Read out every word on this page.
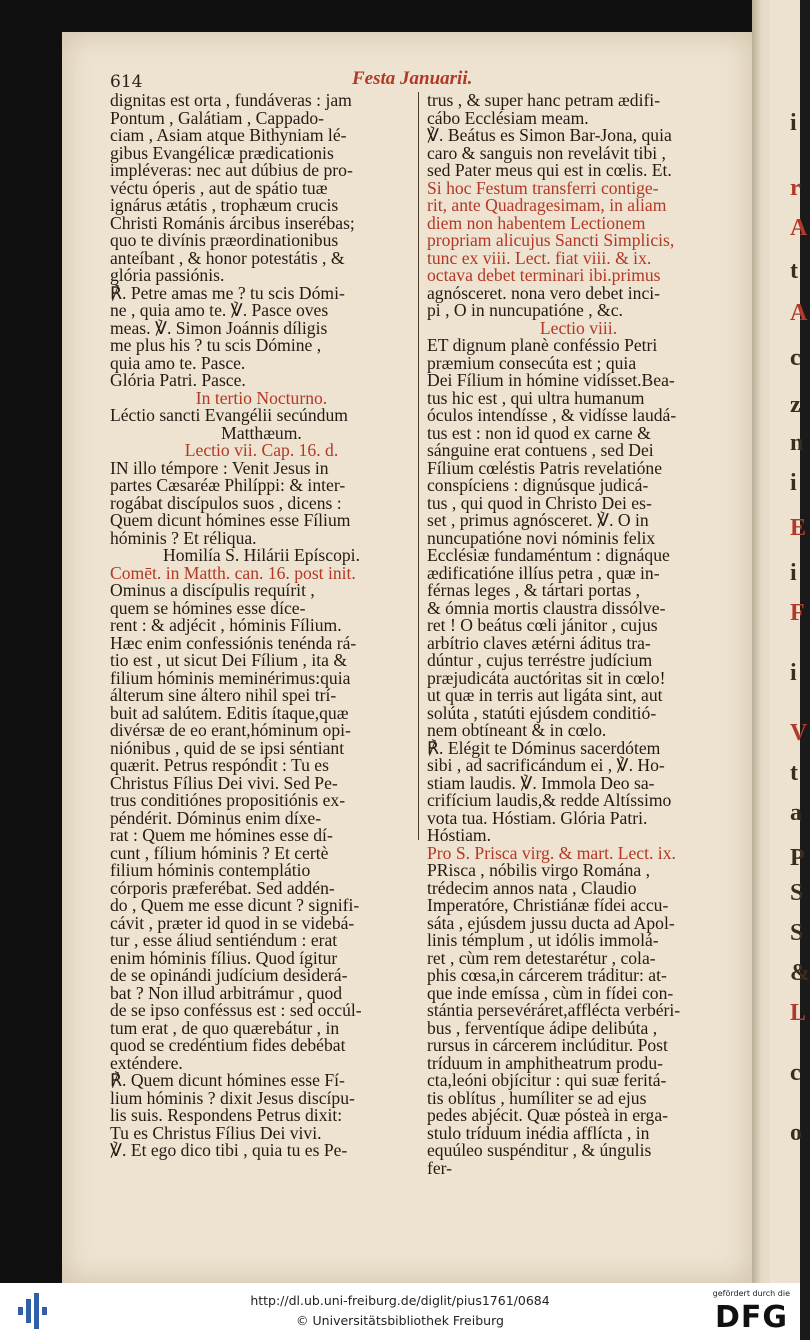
614	Festa Januarii.
dignitas est orta , fundáveras : jam
Pontum , Galátiam , Cappado-
ciam , Asiam atque Bithyniam lé-
gibus Evangélicæ prædicationis
impléveras: nec aut dúbius de pro-
véctu óperis , aut de spátio tuæ
ignárus ætátis , trophæum crucis
Christi Románis árcibus inserébas;
quo te divínis præordinationibus
anteíbant , & honor potestátis , &
glória passiónis.
℟. Petre amas me ? tu scis Dómi-
ne , quia amo te. ℣. Pasce oves
meas. ℣. Simon Joánnis díligis
me plus his ? tu scis Dómine ,
quia amo te. Pasce.
Glória Patri. Pasce.
In tertio Nocturno.
Léctio sancti Evangélii secúndum
Matthæum.
Lectio vii. Cap. 16. d.
IN illo témpore : Venit Jesus in
partes Cæsaréæ Philíppi: & inter-
rogábat discípulos suos , dicens :
Quem dicunt hómines esse Fílium
hóminis ? Et réliqua.
Homilía S. Hilárii Epíscopi.
Comēt. in Matth. can. 16. post init.
Ominus a discípulis requírit ,
quem se hómines esse díce-
rent : & adjécit , hóminis Fílium.
Hæc enim confessiónis tenénda rá-
tio est , ut sicut Dei Fílium , ita &
filium hóminis meminérimus:quia
álterum sine áltero nihil spei trí-
buit ad salútem. Editis ítaque,quæ
divérsæ de eo erant,hóminum opi-
niónibus , quid de se ipsi séntiant
quærit. Petrus respóndit : Tu es
Christus Fílius Dei vivi. Sed Pe-
trus conditiónes propositiónis ex-
péndérit. Dóminus enim díxe-
rat : Quem me hómines esse dí-
cunt , fílium hóminis ? Et certè
filium hóminis contemplátio
córporis præferébat. Sed addén-
do , Quem me esse dicunt ? signifi-
cávit , præter id quod in se videbá-
tur , esse áliud sentiéndum : erat
enim hóminis fílius. Quod ígitur
de se opinándi judícium desiderá-
bat ? Non illud arbitrámur , quod
de se ipso conféssus est : sed occúl-
tum erat , de quo quærebátur , in
quod se credéntium fides debébat
exténdere.
℟. Quem dicunt hómines esse Fí-
lium hóminis ? dixit Jesus discípu-
lis suis. Respondens Petrus dixit:
Tu es Christus Fílius Dei vivi.
℣. Et ego dico tibi , quia tu es Pe-
trus , & super hanc petram ædifi-
cábo Ecclésiam meam.
℣. Beátus es Simon Bar-Jona, quia
caro & sanguis non revelávit tibi ,
sed Pater meus qui est in cœlis. Et.
Si hoc Festum transferri contige-
rit, ante Quadragesimam, in aliam
diem non habentem Lectionem
propriam alicujus Sancti Simplicis,
tunc ex viii. Lect. fiat viii. & ix.
octava debet terminari ibi.primus
agnósceret. nona vero debet inci-
pi , O in nuncupatióne , &c.
Lectio viii.
ET dignum planè conféssio Petri
præmium consecúta est ; quia
Dei Fílium in hómine vidísset.Bea-
tus hic est , qui ultra humanum
óculos intendísse , & vidísse laudá-
tus est : non id quod ex carne &
sánguine erat contuens , sed Dei
Fílium cœléstis Patris revelatióne
conspíciens : dignúsque judicá-
tus , qui quod in Christo Dei es-
set , primus agnósceret. ℣. O in
nuncupatióne novi nóminis felix
Ecclésiæ fundaméntum : dignáque
ædificatióne illíus petra , quæ in-
férnas leges , & tártari portas ,
& ómnia mortis claustra dissólve-
ret ! O beátus cœli jánitor , cujus
arbítrio claves ætérni áditus tra-
dúntur , cujus terréstre judícium
præjudicáta auctóritas sit in cœlo!
ut quæ in terris aut ligáta sint, aut
solúta , statúti ejúsdem conditió-
nem obtíneant & in cœlo.
℟. Elégit te Dóminus sacerdótem
sibi , ad sacrificándum ei , ℣. Ho-
stiam laudis. ℣. Immola Deo sa-
crifícium laudis,& redde Altíssimo
vota tua. Hóstiam. Glória Patri.
Hóstiam.
Pro S. Prisca virg. & mart. Lect. ix.
PRisca , nóbilis virgo Romána ,
trédecim annos nata , Claudio
Imperatóre, Christiánæ fídei accu-
sáta , ejúsdem jussu ducta ad Apol-
linis témplum , ut idólis immolá-
ret , cùm rem detestarétur , cola-
phis cœsa,in cárcerem tráditur: at-
que inde emíssa , cùm in fídei con-
stántia persevéráret,afflécta verbéri-
bus , ferventíque ádipe delibúta ,
rursus in cárcerem inclúditur. Post
tríduum in amphitheatrum produ-
cta,leóni objícitur : qui suæ feritá-
tis oblítus , humíliter se ad ejus
pedes abjécit. Quæ pósteà in erga-
stulo tríduum inédia afflícta , in
equúleo suspénditur , & úngulis
fer-
i
r
A
t
A
c
z
n
i
E
i
F
i
V
t
a
P
S
S
&
L
c
o
http://dl.ub.uni-freiburg.de/diglit/pius1761/0684
© Universitätsbibliothek Freiburg
gefördert durch die
DFG
